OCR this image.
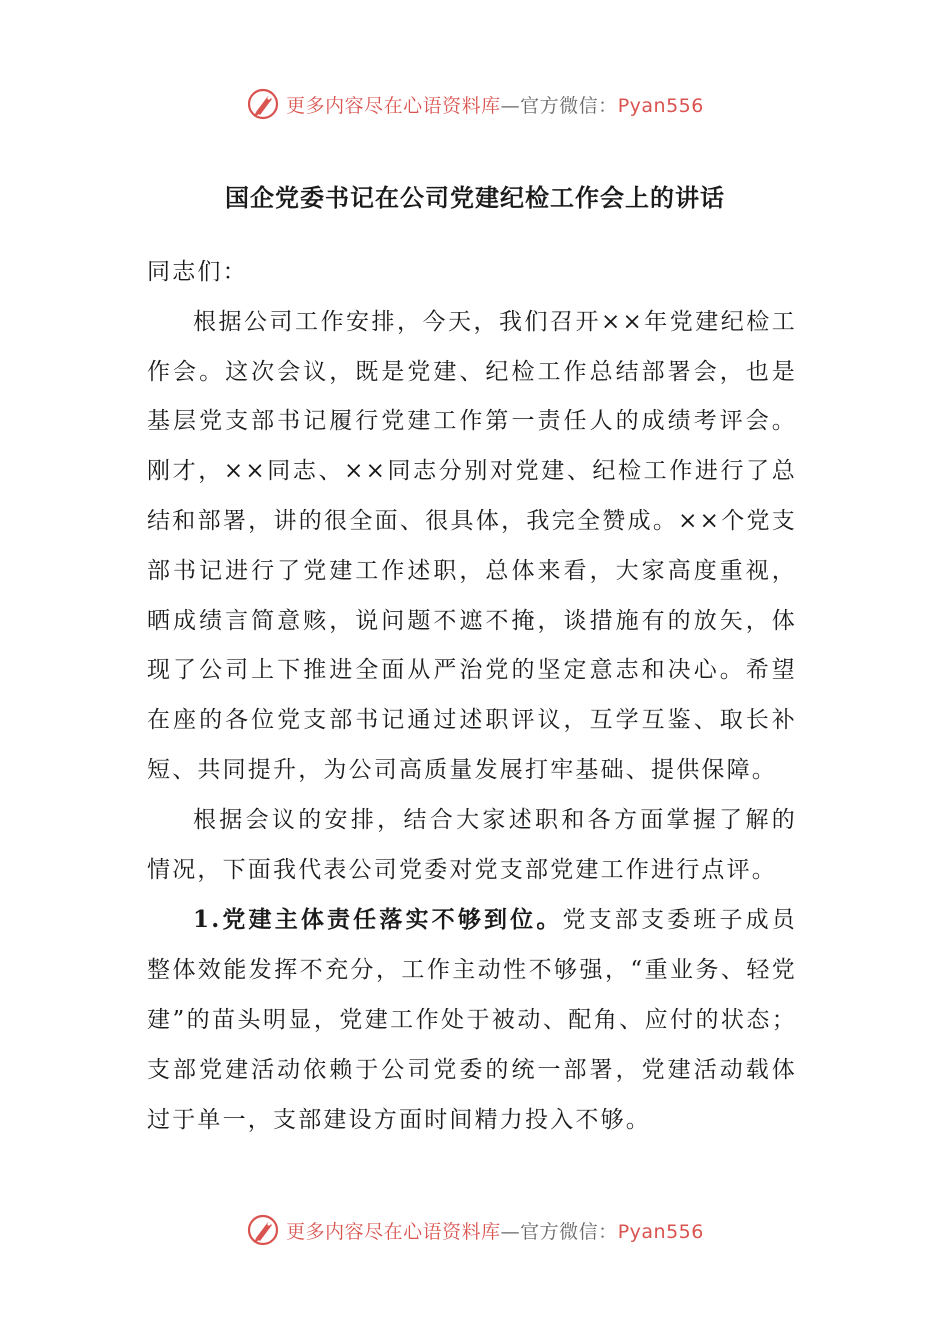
更多内容尽在心语资料库—官方微信：Pyan556
国企党委书记在公司党建纪检工作会上的讲话

同志们：

根据公司工作安排，今天，我们召开××年党建纪检工作会。这次会议，既是党建、纪检工作总结部署会，也是基层党支部书记履行党建工作第一责任人的成绩考评会。刚才，××同志、××同志分别对党建、纪检工作进行了总结和部署，讲的很全面、很具体，我完全赞成。××个党支部书记进行了党建工作述职，总体来看，大家高度重视，晒成绩言简意赅，说问题不遮不掩，谈措施有的放矢，体现了公司上下推进全面从严治党的坚定意志和决心。希望在座的各位党支部书记通过述职评议，互学互鉴、取长补短、共同提升，为公司高质量发展打牢基础、提供保障。

根据会议的安排，结合大家述职和各方面掌握了解的情况，下面我代表公司党委对党支部党建工作进行点评。

1.党建主体责任落实不够到位。党支部支委班子成员整体效能发挥不充分，工作主动性不够强，“重业务、轻党建”的苗头明显，党建工作处于被动、配角、应付的状态；支部党建活动依赖于公司党委的统一部署，党建活动载体过于单一，支部建设方面时间精力投入不够。

更多内容尽在心语资料库—官方微信：Pyan556
